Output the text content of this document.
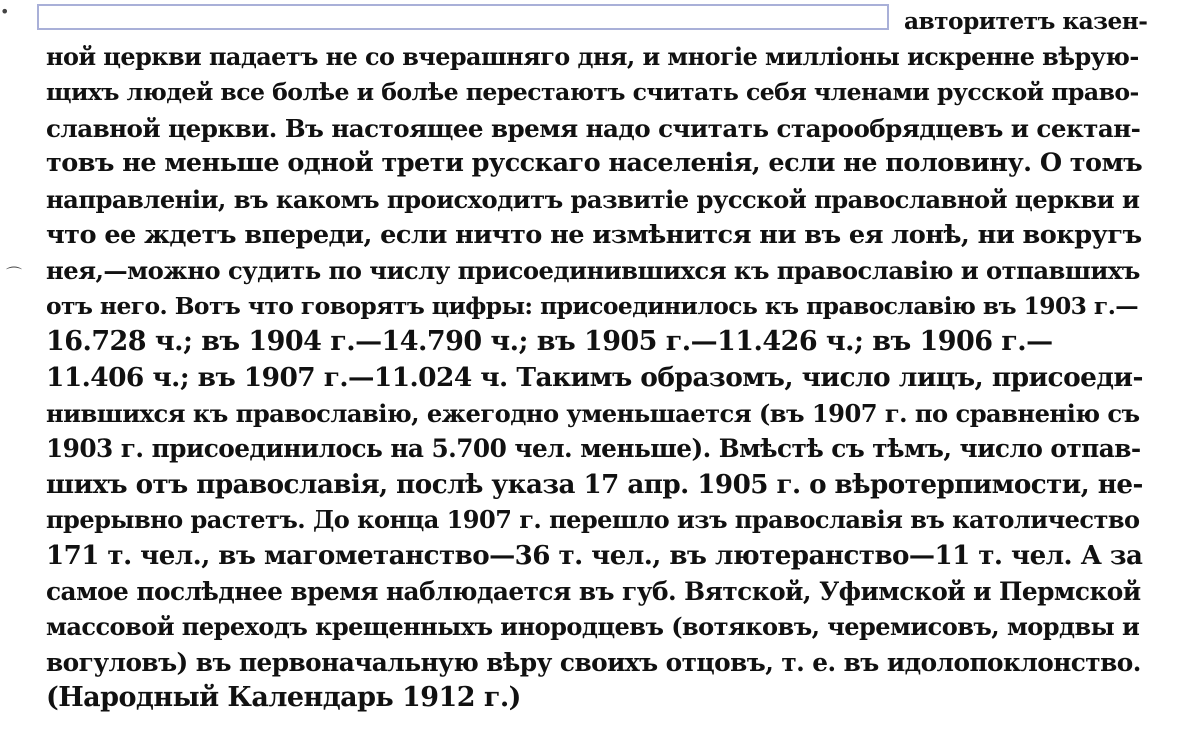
•
⌒
авторитетъ казен-
ной церкви падаетъ не со вчерашняго дня, и многіе милліоны искренне вѣрую-
щихъ людей все болѣе и болѣе перестаютъ считать себя членами русской право-
славной церкви. Въ настоящее время надо считать старообрядцевъ и сектан-
товъ не меньше одной трети русскаго населенія, если не половину. О томъ
направленіи, въ какомъ происходитъ развитіе русской православной церкви и
что ее ждетъ впереди, если ничто не измѣнится ни въ ея лонѣ, ни вокругъ
нея,—можно судить по числу присоединившихся къ православію и отпавшихъ
отъ него. Вотъ что говорятъ цифры: присоединилось къ православію въ 1903 г.—
16.728 ч.; въ 1904 г.—14.790 ч.; въ 1905 г.—11.426 ч.; въ 1906 г.—
11.406 ч.; въ 1907 г.—11.024 ч. Такимъ образомъ, число лицъ, присоеди-
нившихся къ православію, ежегодно уменьшается (въ 1907 г. по сравненію съ
1903 г. присоединилось на 5.700 чел. меньше). Вмѣстѣ съ тѣмъ, число отпав-
шихъ отъ православія, послѣ указа 17 апр. 1905 г. о вѣротерпимости, не-
прерывно растетъ. До конца 1907 г. перешло изъ православія въ католичество
171 т. чел., въ магометанство—36 т. чел., въ лютеранство—11 т. чел. А за
самое послѣднее время наблюдается въ губ. Вятской, Уфимской и Пермской
массовой переходъ крещенныхъ инородцевъ (вотяковъ, черемисовъ, мордвы и
вогуловъ) въ первоначальную вѣру своихъ отцовъ, т. е. въ идолопоклонство.
(Народный Календарь 1912 г.)
